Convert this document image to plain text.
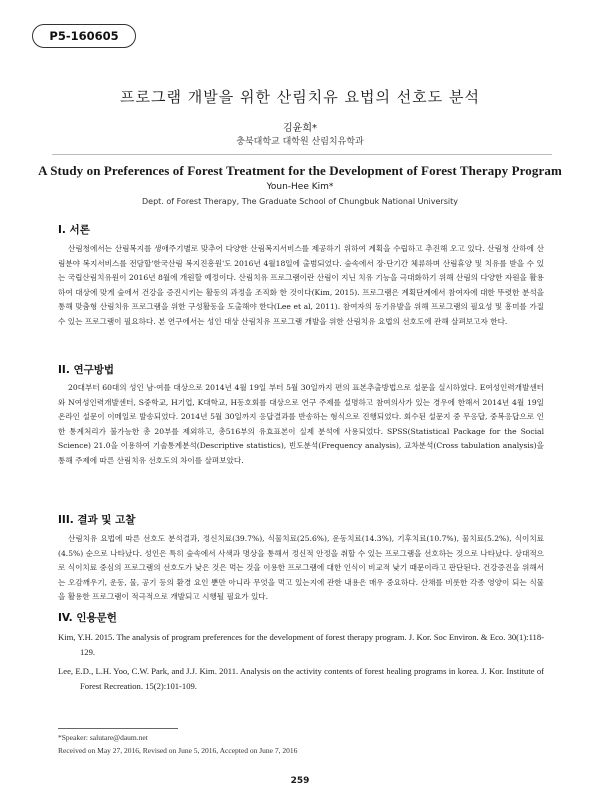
P5-160605
프로그램 개발을 위한 산림치유 요법의 선호도 분석
김윤희*
충북대학교 대학원 산림치유학과
A Study on Preferences of Forest Treatment for the Development of Forest Therapy Program
Youn-Hee Kim*
Dept. of Forest Therapy, The Graduate School of Chungbuk National University
I. 서론

산림청에서는 산림복지를 생애주기별로 맞추어 다양한 산림복지서비스를 제공하기 위하여 계획을 수립하고 추진해 오고 있다. 산림청 산하에 산림분야 복지서비스를 전담할'한국산림 복지진흥원'도 2016년 4월18일에 출범되었다. 숲속에서 장·단기간 체류하며 산림휴양 및 치유를 받을 수 있는 국립산림치유원이 2016년 8월에 개원할 예정이다. 산림치유 프로그램이란 산림이 지닌 치유 기능을 극대화하기 위해 산림의 다양한 자원을 활용하여 대상에 맞게 숲에서 건강을 증진시키는 활동의 과정을 조직화 한 것이다(Kim, 2015). 프로그램은 계획단계에서 참여자에 대한 뚜렷한 분석을 통해 맞춤형 산림치유 프로그램을 위한 구성활동을 도출해야 한다(Lee et al, 2011). 참여자의 동기유발을 위해 프로그램의 필요성 및 흥미를 가질 수 있는 프로그램이 필요하다. 본 연구에서는 성인 대상 산림치유 프로그램 개발을 위한 산림치유 요법의 선호도에 관해 살펴보고자 한다.

II. 연구방법

20대부터 60대의 성인 남·여를 대상으로 2014년 4월 19일 부터 5월 30일까지 편의 표본추출방법으로 설문을 실시하였다. E여성인력개발센터와 N여성인력개발센터, S중학교, H기업, K대학교, H동호회를 대상으로 연구 주제를 설명하고 참여의사가 있는 경우에 한해서 2014년 4월 19일 온라인 설문이 이메일로 발송되었다. 2014년 5월 30일까지 응답결과를 반송하는 형식으로 진행되었다. 회수된 설문지 중 무응답, 중복응답으로 인한 통계처리가 불가능한 총 20부를 제외하고, 총516부의 유효표본이 실제 분석에 사용되었다. SPSS(Statistical Package for the Social Science) 21.0을 이용하여 기술통계분석(Descriptive statistics), 빈도분석(Frequency analysis), 교차분석(Cross tabulation analysis)을 통해 주제에 따른 산림치유 선호도의 차이를 살펴보았다.

III. 결과 및 고찰

산림치유 요법에 따른 선호도 분석결과, 정신치료(39.7%), 식물치료(25.6%), 운동치료(14.3%), 기후치료(10.7%), 물치료(5.2%), 식이치료(4.5%) 순으로 나타났다. 성인은 특히 숲속에서 사색과 명상을 통해서 정신적 안정을 취할 수 있는 프로그램을 선호하는 것으로 나타났다. 상대적으로 식이치료 중심의 프로그램의 선호도가 낮은 것은 먹는 것을 이용한 프로그램에 대한 인식이 비교적 낮기 때문이라고 판단된다. 건강증진을 위해서는 오감깨우기, 운동, 물, 공기 등의 환경 요인 뿐만 아니라 무엇을 먹고 있는지에 관한 내용은 매우 중요하다. 산채를 비롯한 각종 영양이 되는 식물을 활용한 프로그램이 적극적으로 개발되고 시행될 필요가 있다.

IV. 인용문헌
Kim, Y.H. 2015. The analysis of program preferences for the development of forest therapy program. J. Kor. Soc Environ. & Eco. 30(1):118-129.
Lee, E.D., L.H. Yoo, C.W. Park, and J.J. Kim. 2011. Analysis on the activity contents of forest healing programs in korea. J. Kor. Institute of Forest Recreation. 15(2):101-109.
*Speaker: salutare@daum.net
Received on May 27, 2016, Revised on June 5, 2016, Accepted on June 7, 2016
259
